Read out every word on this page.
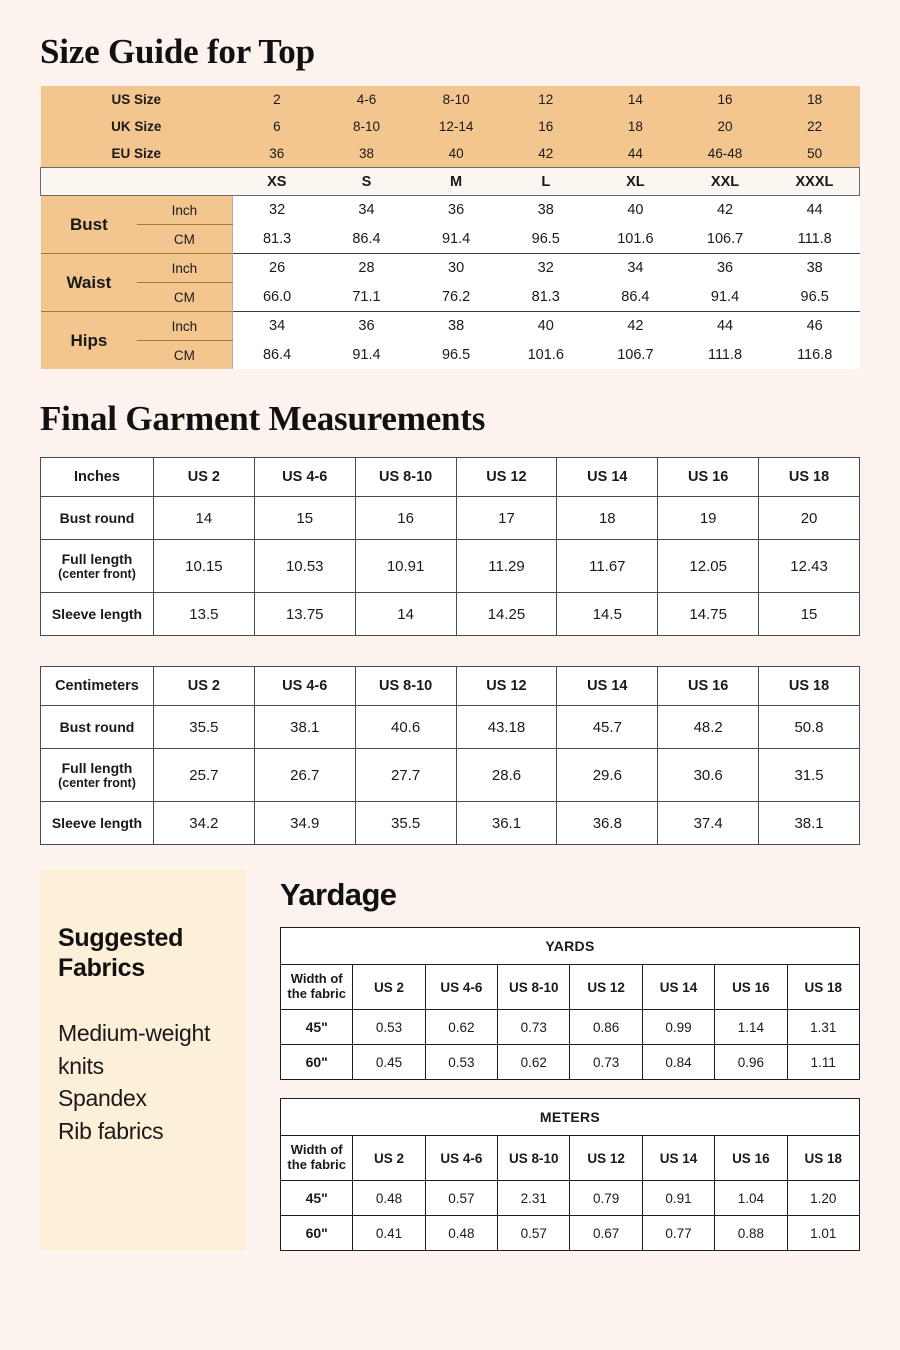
Size Guide for Top
US Size		2	4-6	8-10	12	14	16	18
UK Size		6	8-10	12-14	16	18	20	22
EU Size		36	38	40	42	44	46-48	50
		XS	S	M	L	XL	XXL	XXXL
Bust	Inch	32	34	36	38	40	42	44
	CM	81.3	86.4	91.4	96.5	101.6	106.7	111.8
Waist	Inch	26	28	30	32	34	36	38
	CM	66.0	71.1	76.2	81.3	86.4	91.4	96.5
Hips	Inch	34	36	38	40	42	44	46
	CM	86.4	91.4	96.5	101.6	106.7	111.8	116.8
Final Garment Measurements
Inches	US 2	US 4-6	US 8-10	US 12	US 14	US 16	US 18
Bust round	14	15	16	17	18	19	20
Full length
(center front)	10.15	10.53	10.91	11.29	11.67	12.05	12.43
Sleeve length	13.5	13.75	14	14.25	14.5	14.75	15
Centimeters	US 2	US 4-6	US 8-10	US 12	US 14	US 16	US 18
Bust round	35.5	38.1	40.6	43.18	45.7	48.2	50.8
Full length
(center front)	25.7	26.7	27.7	28.6	29.6	30.6	31.5
Sleeve length	34.2	34.9	35.5	36.1	36.8	37.4	38.1
Suggested Fabrics
Medium-weight knits
Spandex
Rib fabrics
Yardage
YARDS							
Width of the fabric	US 2	US 4-6	US 8-10	US 12	US 14	US 16	US 18
45"	0.53	0.62	0.73	0.86	0.99	1.14	1.31
60"	0.45	0.53	0.62	0.73	0.84	0.96	1.11
METERS							
Width of the fabric	US 2	US 4-6	US 8-10	US 12	US 14	US 16	US 18
45"	0.48	0.57	2.31	0.79	0.91	1.04	1.20
60"	0.41	0.48	0.57	0.67	0.77	0.88	1.01
